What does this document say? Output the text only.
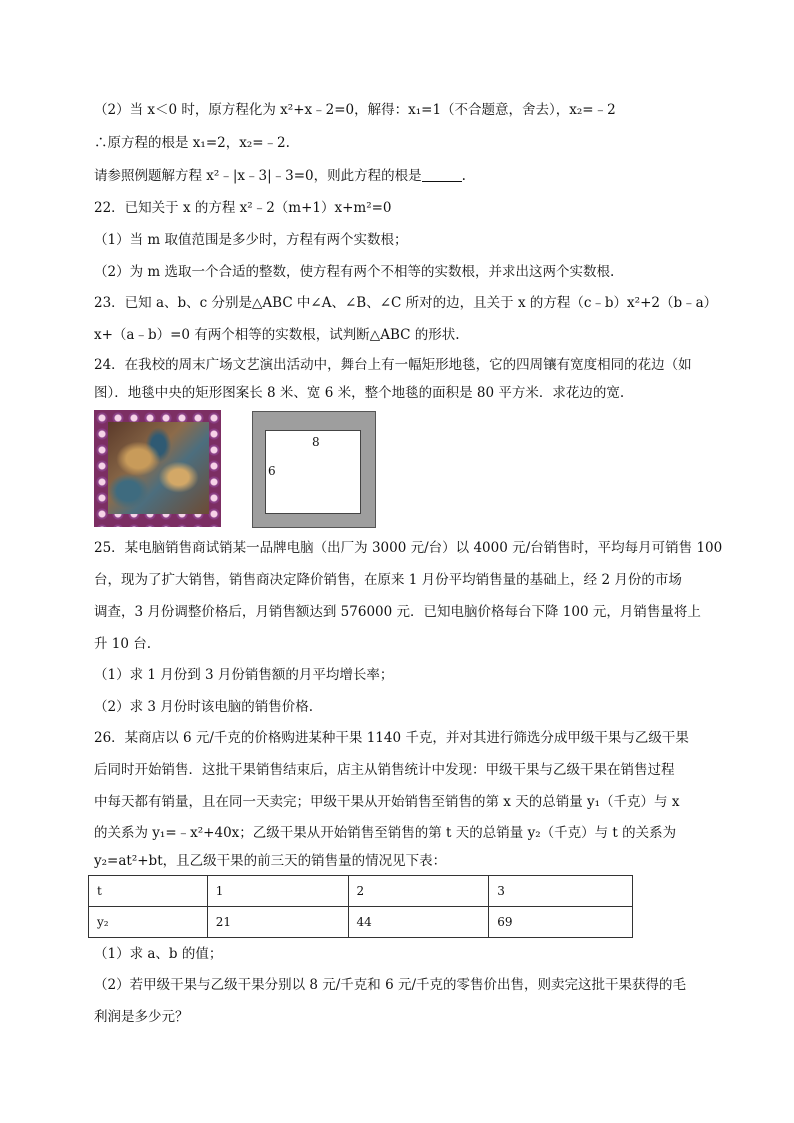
（2）当 x＜0 时，原方程化为 x²+x﹣2=0，解得：x₁=1（不合题意，舍去），x₂=﹣2
∴原方程的根是 x₁=2，x₂=﹣2.
请参照例题解方程 x²﹣|x﹣3|﹣3=0，则此方程的根是	.
22．已知关于 x 的方程 x²﹣2（m+1）x+m²=0
（1）当 m 取值范围是多少时，方程有两个实数根；
（2）为 m 选取一个合适的整数，使方程有两个不相等的实数根，并求出这两个实数根.
23．已知 a、b、c 分别是△ABC 中∠A、∠B、∠C 所对的边，且关于 x 的方程（c﹣b）x²+2（b﹣a）
x+（a﹣b）=0 有两个相等的实数根，试判断△ABC 的形状.
24．在我校的周末广场文艺演出活动中，舞台上有一幅矩形地毯，它的四周镶有宽度相同的花边（如
图）．地毯中央的矩形图案长 8 米、宽 6 米，整个地毯的面积是 80 平方米．求花边的宽.
8
6
25．某电脑销售商试销某一品牌电脑（出厂为 3000 元/台）以 4000 元/台销售时，平均每月可销售 100
台，现为了扩大销售，销售商决定降价销售，在原来 1 月份平均销售量的基础上，经 2 月份的市场
调查，3 月份调整价格后，月销售额达到 576000 元．已知电脑价格每台下降 100 元，月销售量将上
升 10 台.
（1）求 1 月份到 3 月份销售额的月平均增长率；
（2）求 3 月份时该电脑的销售价格.
26．某商店以 6 元/千克的价格购进某种干果 1140 千克，并对其进行筛选分成甲级干果与乙级干果
后同时开始销售．这批干果销售结束后，店主从销售统计中发现：甲级干果与乙级干果在销售过程
中每天都有销量，且在同一天卖完；甲级干果从开始销售至销售的第 x 天的总销量 y₁（千克）与 x
的关系为 y₁=﹣x²+40x；乙级干果从开始销售至销售的第 t 天的总销量 y₂（千克）与 t 的关系为
y₂=at²+bt，且乙级干果的前三天的销售量的情况见下表：
t	1	2	3
y₂	21	44	69
（1）求 a、b 的值；
（2）若甲级干果与乙级干果分别以 8 元/千克和 6 元/千克的零售价出售，则卖完这批干果获得的毛
利润是多少元？
